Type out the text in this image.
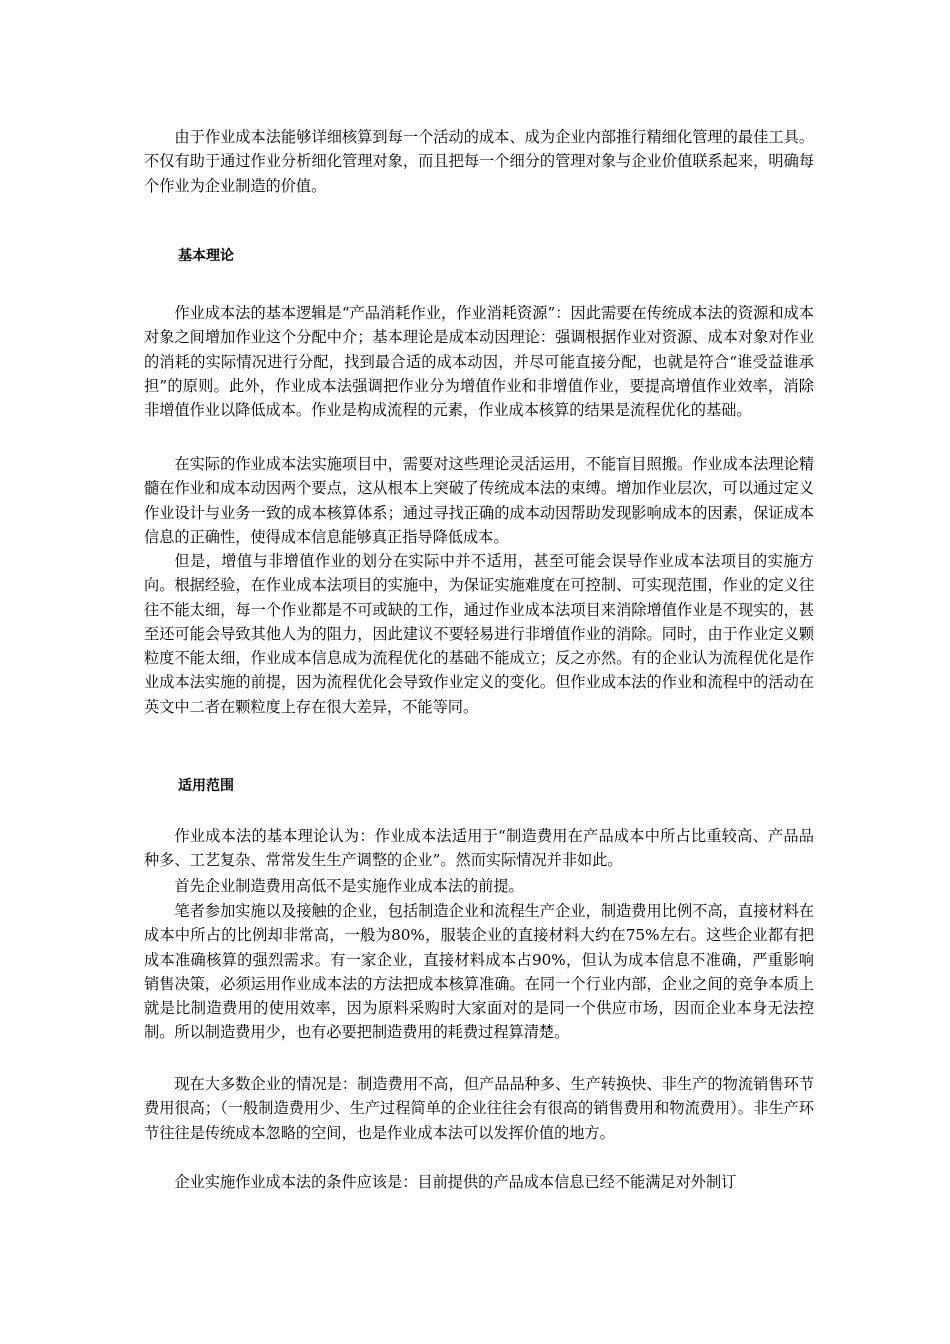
由于作业成本法能够详细核算到每一个活动的成本、成为企业内部推行精细化管理的最佳工具。不仅有助于通过作业分析细化管理对象，而且把每一个细分的管理对象与企业价值联系起来，明确每个作业为企业制造的价值。

基本理论

作业成本法的基本逻辑是“产品消耗作业，作业消耗资源”：因此需要在传统成本法的资源和成本对象之间增加作业这个分配中介；基本理论是成本动因理论：强调根据作业对资源、成本对象对作业的消耗的实际情况进行分配，找到最合适的成本动因，并尽可能直接分配，也就是符合“谁受益谁承担”的原则。此外，作业成本法强调把作业分为增值作业和非增值作业，要提高增值作业效率，消除非增值作业以降低成本。作业是构成流程的元素，作业成本核算的结果是流程优化的基础。

在实际的作业成本法实施项目中，需要对这些理论灵活运用，不能盲目照搬。作业成本法理论精髓在作业和成本动因两个要点，这从根本上突破了传统成本法的束缚。增加作业层次，可以通过定义作业设计与业务一致的成本核算体系；通过寻找正确的成本动因帮助发现影响成本的因素，保证成本信息的正确性，使得成本信息能够真正指导降低成本。

但是，增值与非增值作业的划分在实际中并不适用，甚至可能会误导作业成本法项目的实施方向。根据经验，在作业成本法项目的实施中，为保证实施难度在可控制、可实现范围，作业的定义往往不能太细，每一个作业都是不可或缺的工作，通过作业成本法项目来消除增值作业是不现实的，甚至还可能会导致其他人为的阻力，因此建议不要轻易进行非增值作业的消除。同时，由于作业定义颗粒度不能太细，作业成本信息成为流程优化的基础不能成立；反之亦然。有的企业认为流程优化是作业成本法实施的前提，因为流程优化会导致作业定义的变化。但作业成本法的作业和流程中的活动在英文中二者在颗粒度上存在很大差异，不能等同。

适用范围

作业成本法的基本理论认为：作业成本法适用于“制造费用在产品成本中所占比重较高、产品品种多、工艺复杂、常常发生生产调整的企业”。然而实际情况并非如此。

首先企业制造费用高低不是实施作业成本法的前提。

笔者参加实施以及接触的企业，包括制造企业和流程生产企业，制造费用比例不高，直接材料在成本中所占的比例却非常高，一般为80%，服装企业的直接材料大约在75%左右。这些企业都有把成本准确核算的强烈需求。有一家企业，直接材料成本占90%，但认为成本信息不准确，严重影响销售决策，必须运用作业成本法的方法把成本核算准确。在同一个行业内部，企业之间的竞争本质上就是比制造费用的使用效率，因为原料采购时大家面对的是同一个供应市场，因而企业本身无法控制。所以制造费用少，也有必要把制造费用的耗费过程算清楚。

现在大多数企业的情况是：制造费用不高，但产品品种多、生产转换快、非生产的物流销售环节费用很高；（一般制造费用少、生产过程简单的企业往往会有很高的销售费用和物流费用）。非生产环节往往是传统成本忽略的空间，也是作业成本法可以发挥价值的地方。

企业实施作业成本法的条件应该是：目前提供的产品成本信息已经不能满足对外制订
